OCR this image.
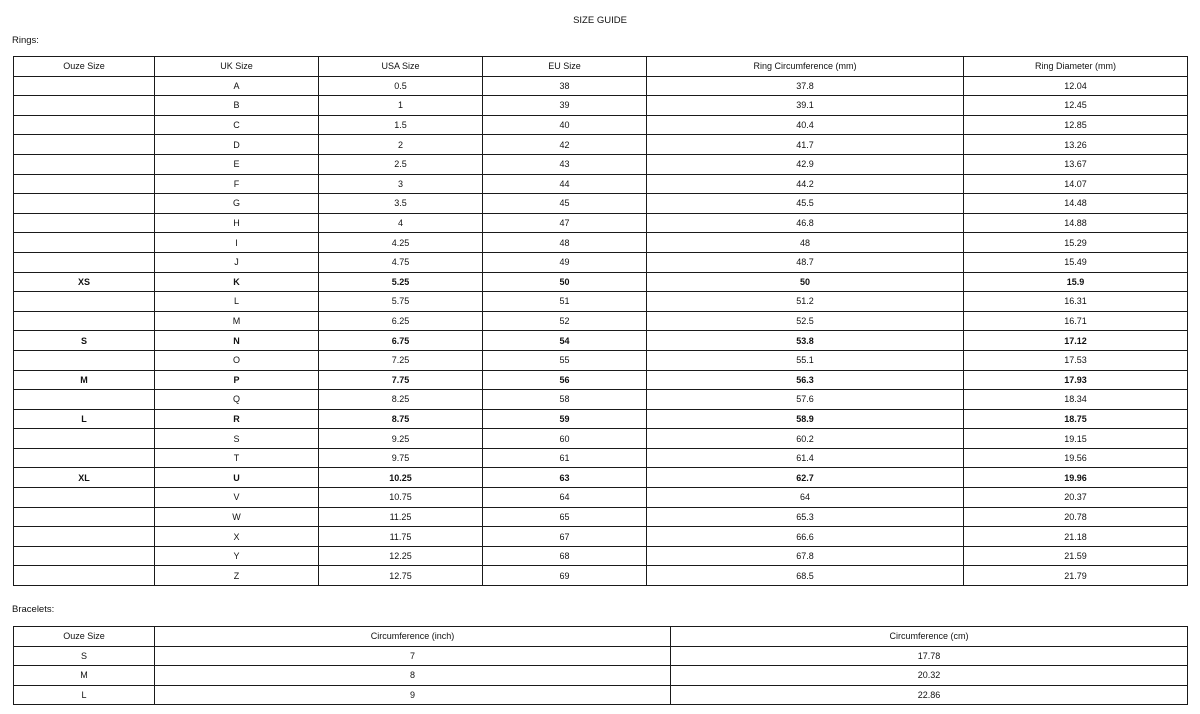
SIZE GUIDE
Rings:
Ouze Size	UK Size	USA Size	EU Size	Ring Circumference (mm)	Ring Diameter (mm)
	A	0.5	38	37.8	12.04
	B	1	39	39.1	12.45
	C	1.5	40	40.4	12.85
	D	2	42	41.7	13.26
	E	2.5	43	42.9	13.67
	F	3	44	44.2	14.07
	G	3.5	45	45.5	14.48
	H	4	47	46.8	14.88
	I	4.25	48	48	15.29
	J	4.75	49	48.7	15.49
XS	K	5.25	50	50	15.9
	L	5.75	51	51.2	16.31
	M	6.25	52	52.5	16.71
S	N	6.75	54	53.8	17.12
	O	7.25	55	55.1	17.53
M	P	7.75	56	56.3	17.93
	Q	8.25	58	57.6	18.34
L	R	8.75	59	58.9	18.75
	S	9.25	60	60.2	19.15
	T	9.75	61	61.4	19.56
XL	U	10.25	63	62.7	19.96
	V	10.75	64	64	20.37
	W	11.25	65	65.3	20.78
	X	11.75	67	66.6	21.18
	Y	12.25	68	67.8	21.59
	Z	12.75	69	68.5	21.79
Bracelets:
Ouze Size	Circumference (inch)	Circumference (cm)
S	7	17.78
M	8	20.32
L	9	22.86
